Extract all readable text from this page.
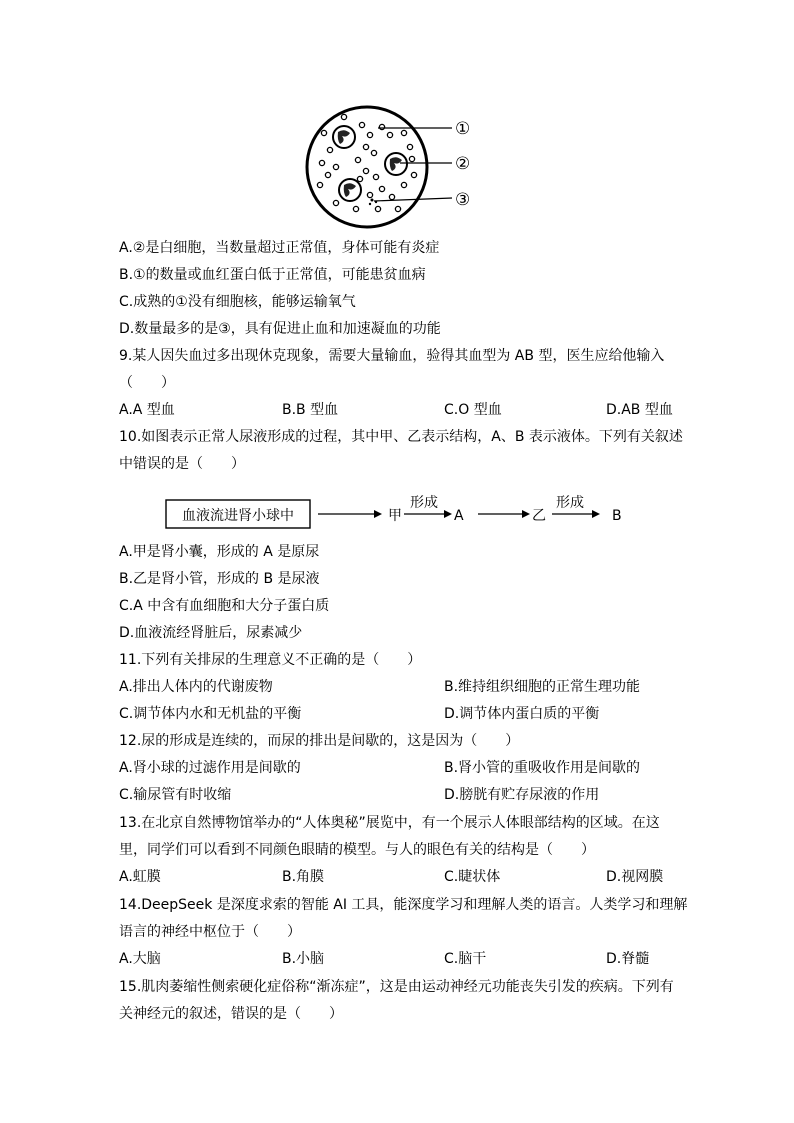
①
②
③
A.②是白细胞，当数量超过正常值，身体可能有炎症
B.①的数量或血红蛋白低于正常值，可能患贫血病
C.成熟的①没有细胞核，能够运输氧气
D.数量最多的是③，具有促进止血和加速凝血的功能
9.某人因失血过多出现休克现象，需要大量输血，验得其血型为 AB 型，医生应给他输入
（　　）
A.A 型血	B.B 型血	C.O 型血	D.AB 型血
10.如图表示正常人尿液形成的过程，其中甲、乙表示结构，A、B 表示液体。下列有关叙述
中错误的是（　　）
血液流进肾小球中	甲
形成
A	乙
形成
B
A.甲是肾小囊，形成的 A 是原尿
B.乙是肾小管，形成的 B 是尿液
C.A 中含有血细胞和大分子蛋白质
D.血液流经肾脏后，尿素减少
11.下列有关排尿的生理意义不正确的是（　　）
A.排出人体内的代谢废物	B.维持组织细胞的正常生理功能
C.调节体内水和无机盐的平衡	D.调节体内蛋白质的平衡
12.尿的形成是连续的，而尿的排出是间歇的，这是因为（　　）
A.肾小球的过滤作用是间歇的	B.肾小管的重吸收作用是间歇的
C.输尿管有时收缩	D.膀胱有贮存尿液的作用
13.在北京自然博物馆举办的“人体奥秘”展览中，有一个展示人体眼部结构的区域。在这
里，同学们可以看到不同颜色眼睛的模型。与人的眼色有关的结构是（　　）
A.虹膜	B.角膜	C.睫状体	D.视网膜
14.DeepSeek 是深度求索的智能 AI 工具，能深度学习和理解人类的语言。人类学习和理解
语言的神经中枢位于（　　）
A.大脑	B.小脑	C.脑干	D.脊髓
15.肌肉萎缩性侧索硬化症俗称“渐冻症”，这是由运动神经元功能丧失引发的疾病。下列有
关神经元的叙述，错误的是（　　）
